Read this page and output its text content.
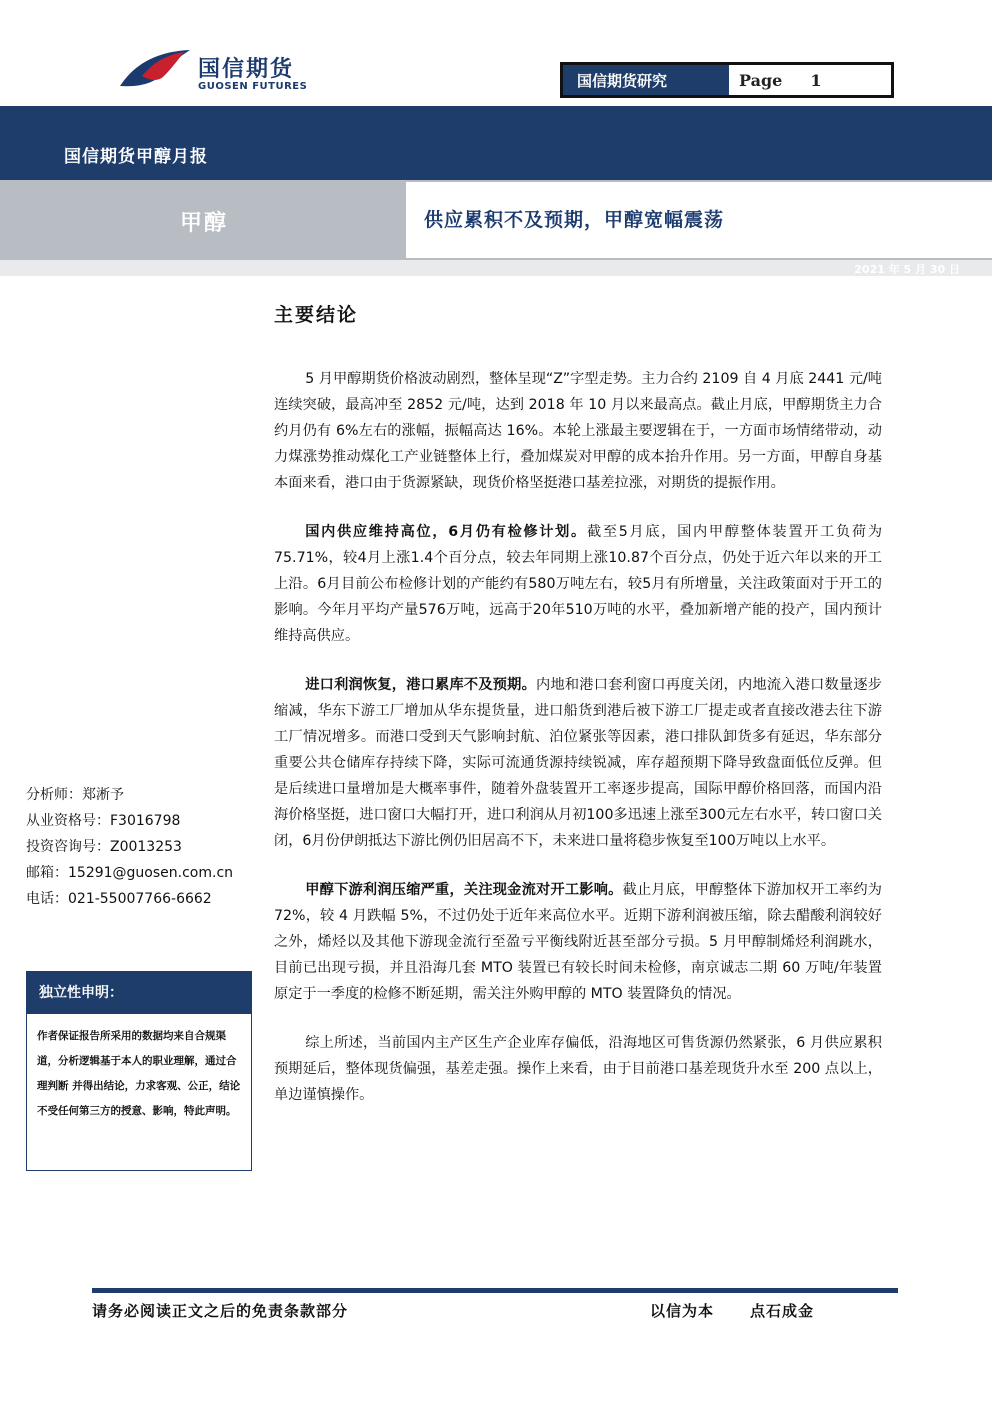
国信期货
GUOSEN FUTURES	国信期货研究	Page 1
国信期货甲醇月报
甲醇	供应累积不及预期，甲醇宽幅震荡
2021 年 5 月 30 日
主要结论

5 月甲醇期货价格波动剧烈，整体呈现“Z”字型走势。主力合约 2109 自 4 月底 2441 元/吨连续突破，最高冲至 2852 元/吨，达到 2018 年 10 月以来最高点。截止月底，甲醇期货主力合约月仍有 6%左右的涨幅，振幅高达 16%。本轮上涨最主要逻辑在于，一方面市场情绪带动，动力煤涨势推动煤化工产业链整体上行，叠加煤炭对甲醇的成本抬升作用。另一方面，甲醇自身基本面来看，港口由于货源紧缺，现货价格坚挺港口基差拉涨，对期货的提振作用。

国内供应维持高位，6月仍有检修计划。截至5月底，国内甲醇整体装置开工负荷为75.71%，较4月上涨1.4个百分点，较去年同期上涨10.87个百分点，仍处于近六年以来的开工上沿。6月目前公布检修计划的产能约有580万吨左右，较5月有所增量，关注政策面对于开工的影响。今年月平均产量576万吨，远高于20年510万吨的水平，叠加新增产能的投产，国内预计维持高供应。

进口利润恢复，港口累库不及预期。内地和港口套利窗口再度关闭，内地流入港口数量逐步缩减，华东下游工厂增加从华东提货量，进口船货到港后被下游工厂提走或者直接改港去往下游工厂情况增多。而港口受到天气影响封航、泊位紧张等因素，港口排队卸货多有延迟，华东部分重要公共仓储库存持续下降，实际可流通货源持续锐减，库存超预期下降导致盘面低位反弹。但是后续进口量增加是大概率事件，随着外盘装置开工率逐步提高，国际甲醇价格回落，而国内沿海价格坚挺，进口窗口大幅打开，进口利润从月初100多迅速上涨至300元左右水平，转口窗口关闭，6月份伊朗抵达下游比例仍旧居高不下，未来进口量将稳步恢复至100万吨以上水平。

甲醇下游利润压缩严重，关注现金流对开工影响。截止月底，甲醇整体下游加权开工率约为 72%，较 4 月跌幅 5%，不过仍处于近年来高位水平。近期下游利润被压缩，除去醋酸利润较好之外，烯烃以及其他下游现金流行至盈亏平衡线附近甚至部分亏损。5 月甲醇制烯烃利润跳水，目前已出现亏损，并且沿海几套 MTO 装置已有较长时间未检修，南京诚志二期 60 万吨/年装置原定于一季度的检修不断延期，需关注外购甲醇的 MTO 装置降负的情况。

综上所述，当前国内主产区生产企业库存偏低，沿海地区可售货源仍然紧张，6 月供应累积预期延后，整体现货偏强，基差走强。操作上来看，由于目前港口基差现货升水至 200 点以上，单边谨慎操作。

分析师：郑淅予
从业资格号：F3016798
投资咨询号：Z0013253
邮箱：15291@guosen.com.cn
电话：021-55007766-6662
独立性申明：
作者保证报告所采用的数据均来自合规渠道，分析逻辑基于本人的职业理解，通过合理判断 并得出结论，力求客观、公正，结论不受任何第三方的授意、影响，特此声明。
请务必阅读正文之后的免责条款部分	以信为本 点石成金
